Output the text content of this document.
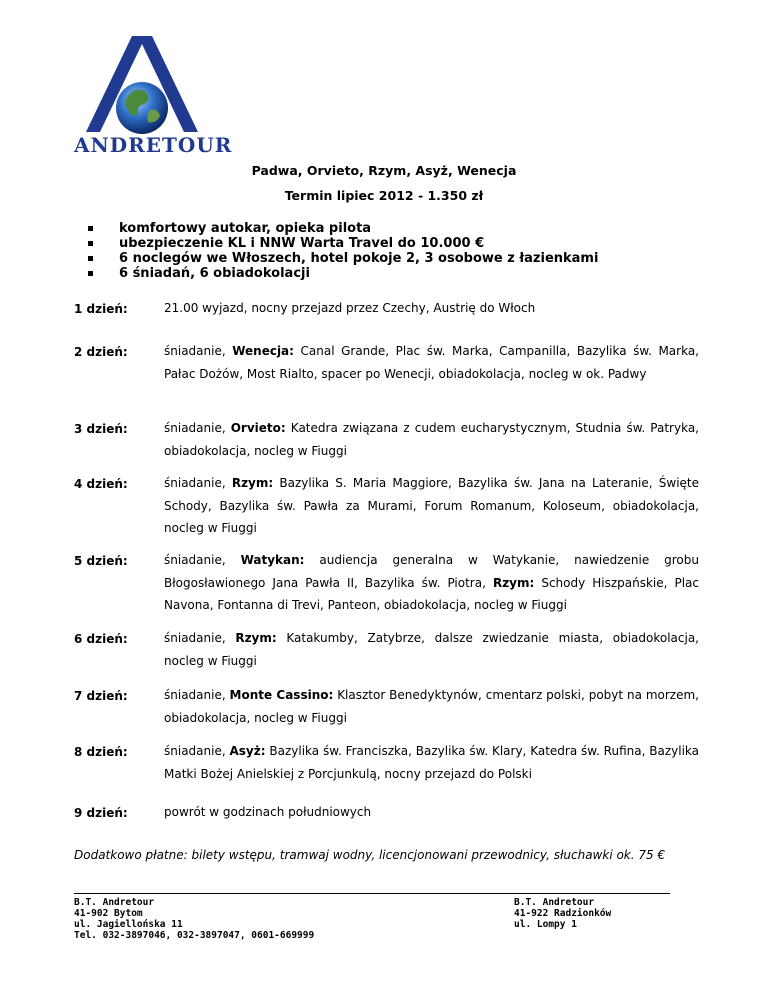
ANDRETOUR
Padwa, Orvieto, Rzym, Asyż, Wenecja
Termin lipiec 2012 - 1.350 zł
komfortowy autokar, opieka pilota
ubezpieczenie KL i NNW Warta Travel do 10.000 €
6 noclegów we Włoszech, hotel pokoje 2, 3 osobowe z łazienkami
6 śniadań, 6 obiadokolacji
1 dzień:	21.00 wyjazd, nocny przejazd przez Czechy, Austrię do Włoch
2 dzień:	śniadanie, Wenecja: Canal Grande, Plac św. Marka, Campanilla, Bazylika św. Marka, Pałac Dożów, Most Rialto, spacer po Wenecji, obiadokolacja, nocleg w ok. Padwy
3 dzień:	śniadanie, Orvieto: Katedra związana z cudem eucharystycznym, Studnia św. Patryka, obiadokolacja, nocleg w Fiuggi
4 dzień:	śniadanie, Rzym: Bazylika S. Maria Maggiore, Bazylika św. Jana na Lateranie, Święte Schody, Bazylika św. Pawła za Murami, Forum Romanum, Koloseum, obiadokolacja, nocleg w Fiuggi
5 dzień:	śniadanie, Watykan: audiencja generalna w Watykanie, nawiedzenie grobu Błogosławionego Jana Pawła II, Bazylika św. Piotra, Rzym: Schody Hiszpańskie, Plac Navona, Fontanna di Trevi, Panteon, obiadokolacja, nocleg w Fiuggi
6 dzień:	śniadanie, Rzym: Katakumby, Zatybrze, dalsze zwiedzanie miasta, obiadokolacja, nocleg w Fiuggi
7 dzień:	śniadanie, Monte Cassino: Klasztor Benedyktynów, cmentarz polski, pobyt na morzem, obiadokolacja, nocleg w Fiuggi
8 dzień:	śniadanie, Asyż: Bazylika św. Franciszka, Bazylika św. Klary, Katedra św. Rufina, Bazylika Matki Bożej Anielskiej z Porcjunkulą, nocny przejazd do Polski
9 dzień:	powrót w godzinach południowych
Dodatkowo płatne: bilety wstępu, tramwaj wodny, licencjonowani przewodnicy, słuchawki ok. 75 €
B.T. Andretour
41-902 Bytom
ul. Jagiellońska 11
Tel. 032-3897046, 032-3897047, 0601-669999
B.T. Andretour
41-922 Radzionków
ul. Lompy 1
